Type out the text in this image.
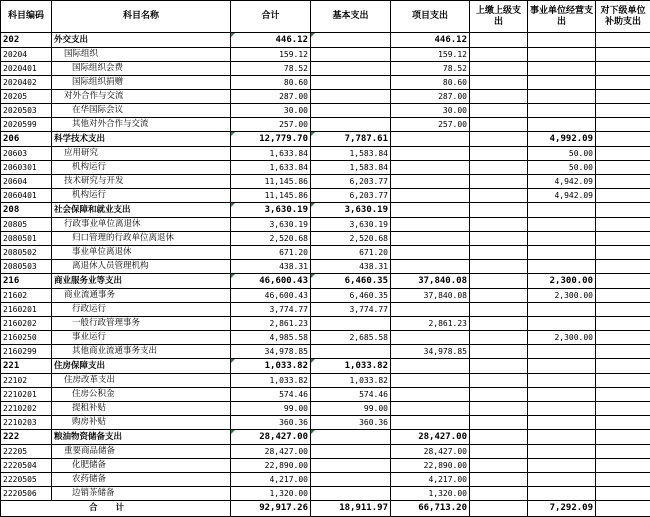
科目编码	科目名称	合计	基本支出	项目支出	上缴上级支出	事业单位经营支出	对下级单位补助支出
202	外交支出	446.12		446.12			
20204	国际组织	159.12		159.12			
2020401	国际组织会费	78.52		78.52			
2020402	国际组织捐赠	80.60		80.60			
20205	对外合作与交流	287.00		287.00			
2020503	在华国际会议	30.00		30.00			
2020599	其他对外合作与交流	257.00		257.00			
206	科学技术支出	12,779.70	7,787.61			4,992.09	
20603	应用研究	1,633.84	1,583.84			50.00	
2060301	机构运行	1,633.84	1,583.84			50.00	
20604	技术研究与开发	11,145.86	6,203.77			4,942.09	
2060401	机构运行	11,145.86	6,203.77			4,942.09	
208	社会保障和就业支出	3,630.19	3,630.19				
20805	行政事业单位离退休	3,630.19	3,630.19				
2080501	归口管理的行政单位离退休	2,520.68	2,520.68				
2080502	事业单位离退休	671.20	671.20				
2080503	离退休人员管理机构	438.31	438.31				
216	商业服务业等支出	46,600.43	6,460.35	37,840.08		2,300.00	
21602	商业流通事务	46,600.43	6,460.35	37,840.08		2,300.00	
2160201	行政运行	3,774.77	3,774.77				
2160202	一般行政管理事务	2,861.23		2,861.23			
2160250	事业运行	4,985.58	2,685.58			2,300.00	
2160299	其他商业流通事务支出	34,978.85		34,978.85			
221	住房保障支出	1,033.82	1,033.82				
22102	住房改革支出	1,033.82	1,033.82				
2210201	住房公积金	574.46	574.46				
2210202	提租补贴	99.00	99.00				
2210203	购房补贴	360.36	360.36				
222	粮油物资储备支出	28,427.00		28,427.00			
22205	重要商品储备	28,427.00		28,427.00			
2220504	化肥储备	22,890.00		22,890.00			
2220505	农药储备	4,217.00		4,217.00			
2220506	边销茶储备	1,320.00		1,320.00			
合计		92,917.26	18,911.97	66,713.20		7,292.09	
